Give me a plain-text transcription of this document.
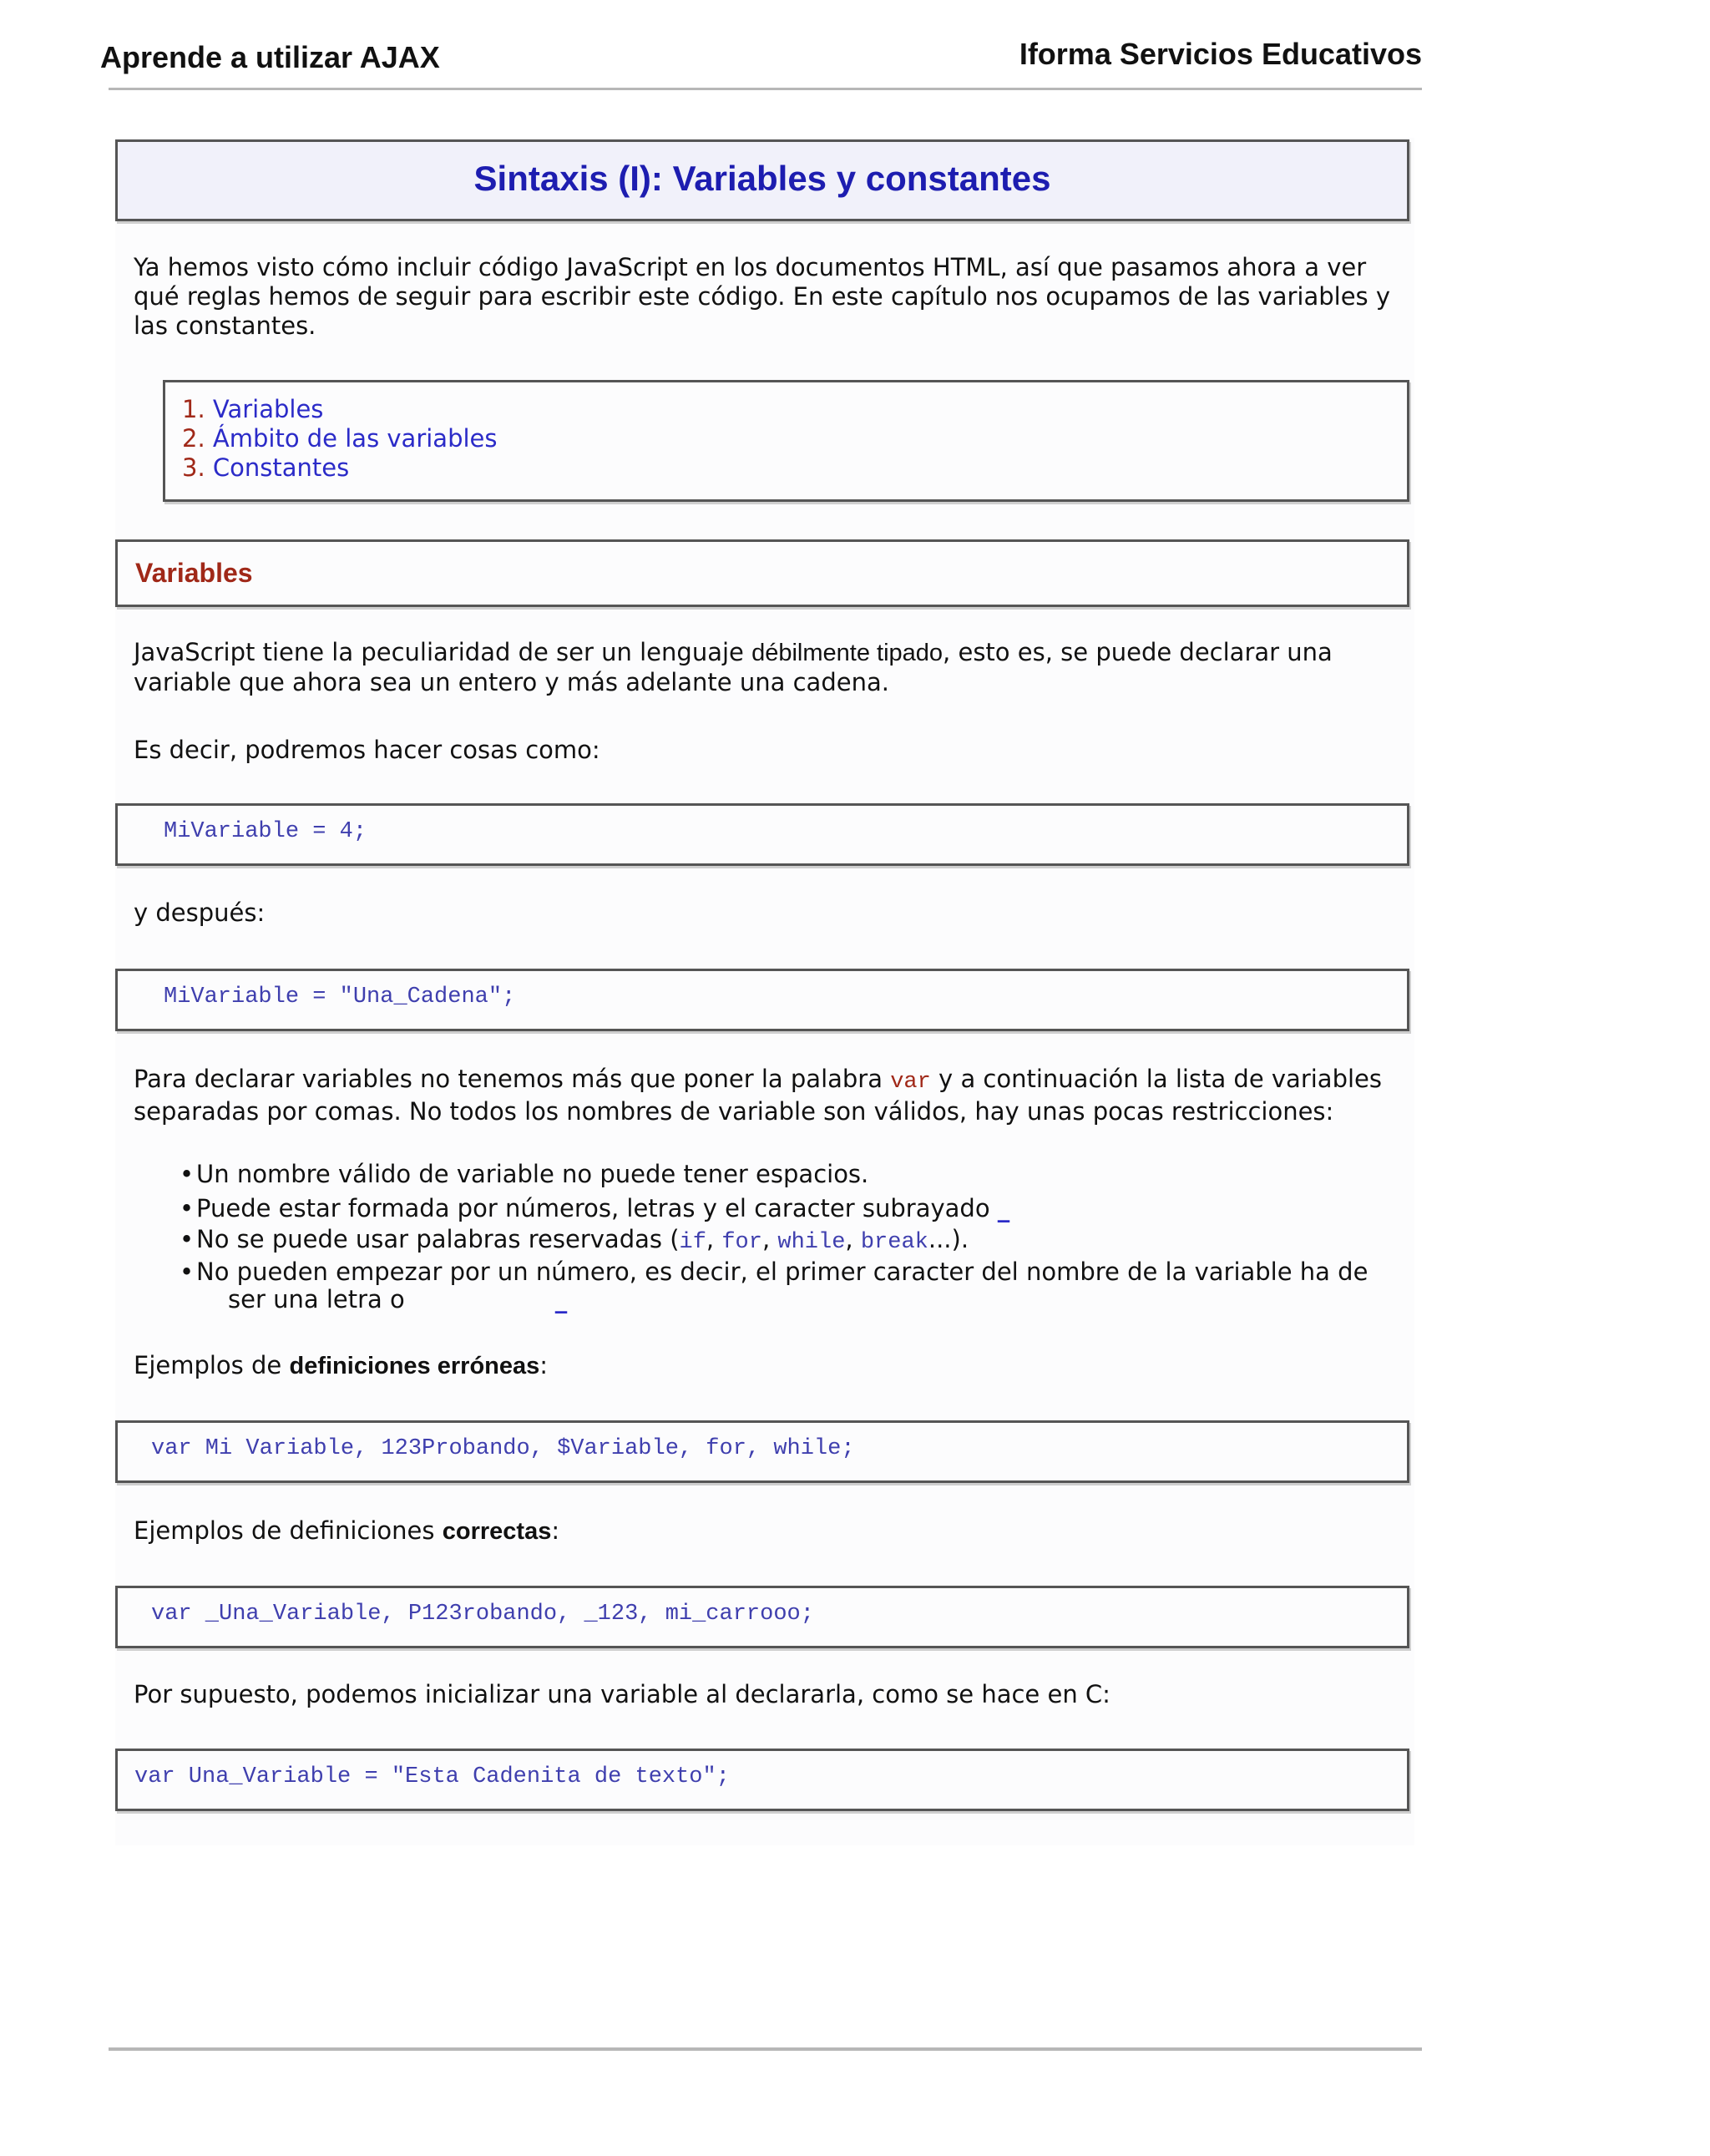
Aprende a utilizar AJAX	Iforma Servicios Educativos
Sintaxis (I): Variables y constantes
Ya hemos visto cómo incluir código JavaScript en los documentos HTML, así que pasamos ahora a ver
qué reglas hemos de seguir para escribir este código. En este capítulo nos ocupamos de las variables y
las constantes.
1. Variables
2. Ámbito de las variables
3. Constantes
Variables
JavaScript tiene la peculiaridad de ser un lenguaje débilmente tipado, esto es, se puede declarar una
variable que ahora sea un entero y más adelante una cadena.
Es decir, podremos hacer cosas como:
MiVariable = 4;
y después:
MiVariable = "Una_Cadena";
Para declarar variables no tenemos más que poner la palabra var y a continuación la lista de variables
separadas por comas. No todos los nombres de variable son válidos, hay unas pocas restricciones:
• Un nombre válido de variable no puede tener espacios.
• Puede estar formada por números, letras y el caracter subrayado _
• No se puede usar palabras reservadas (if, for, while, break...).
• No pueden empezar por un número, es decir, el primer caracter del nombre de la variable ha de
ser una letra o	_
Ejemplos de definiciones erróneas:
var Mi Variable, 123Probando, $Variable, for, while;
Ejemplos de definiciones correctas:
var _Una_Variable, P123robando, _123, mi_carrooo;
Por supuesto, podemos inicializar una variable al declararla, como se hace en C:
var Una_Variable = "Esta Cadenita de texto";
